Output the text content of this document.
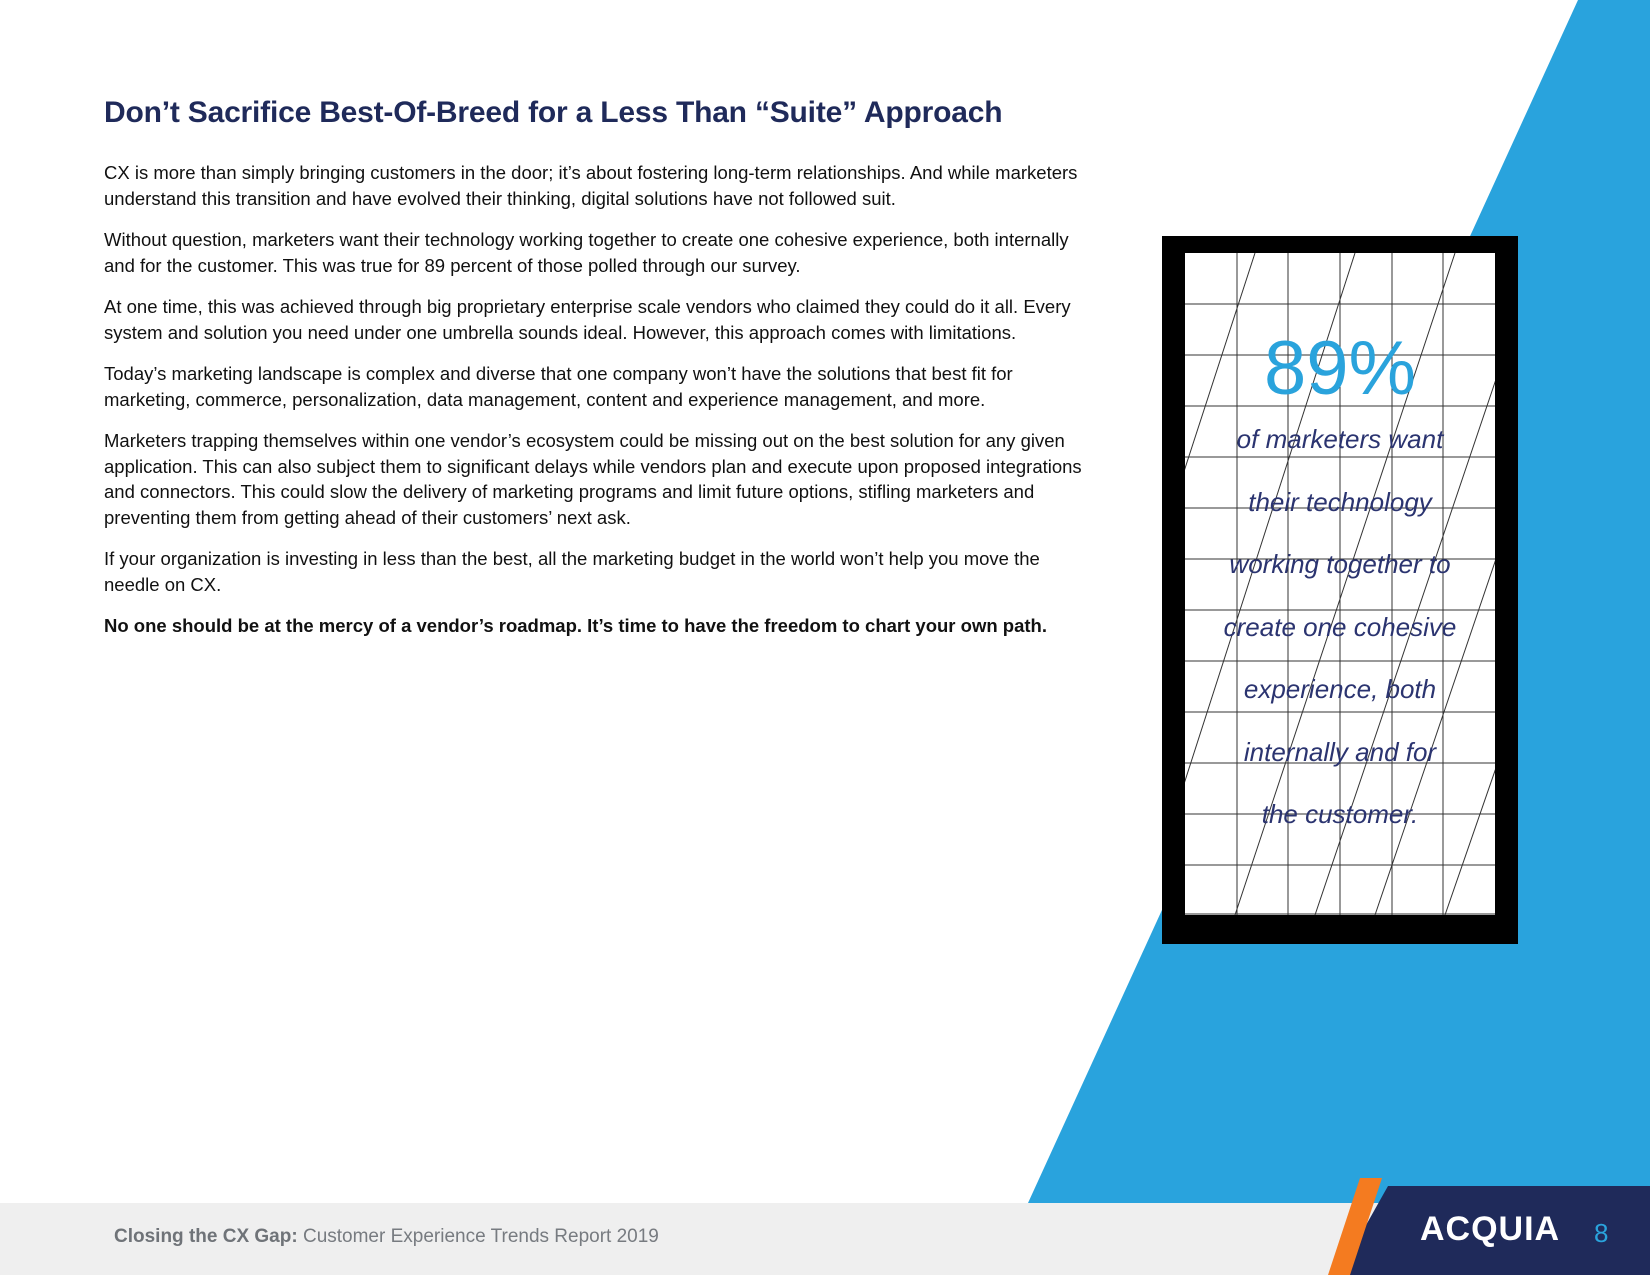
Don’t Sacrifice Best-Of-Breed for a Less Than “Suite” Approach

CX is more than simply bringing customers in the door; it’s about fostering long-term relationships. And while marketers understand this transition and have evolved their thinking, digital solutions have not followed suit.

Without question, marketers want their technology working together to create one cohesive experience, both internally and for the customer. This was true for 89 percent of those polled through our survey.

At one time, this was achieved through big proprietary enterprise scale vendors who claimed they could do it all. Every system and solution you need under one umbrella sounds ideal. However, this approach comes with limitations.

Today’s marketing landscape is complex and diverse that one company won’t have the solutions that best fit for marketing, commerce, personalization, data management, content and experience management, and more.

Marketers trapping themselves within one vendor’s ecosystem could be missing out on the best solution for any given application. This can also subject them to significant delays while vendors plan and execute upon proposed integrations and connectors. This could slow the delivery of marketing programs and limit future options, stifling marketers and preventing them from getting ahead of their customers’ next ask.

If your organization is investing in less than the best, all the marketing budget in the world won’t help you move the needle on CX.

No one should be at the mercy of a vendor’s roadmap. It’s time to have the freedom to chart your own path.

89%
of marketers want
their technology
working together to
create one cohesive
experience, both
internally and for
the customer.
Closing the CX Gap: Customer Experience Trends Report 2019	ACQUIA 8
